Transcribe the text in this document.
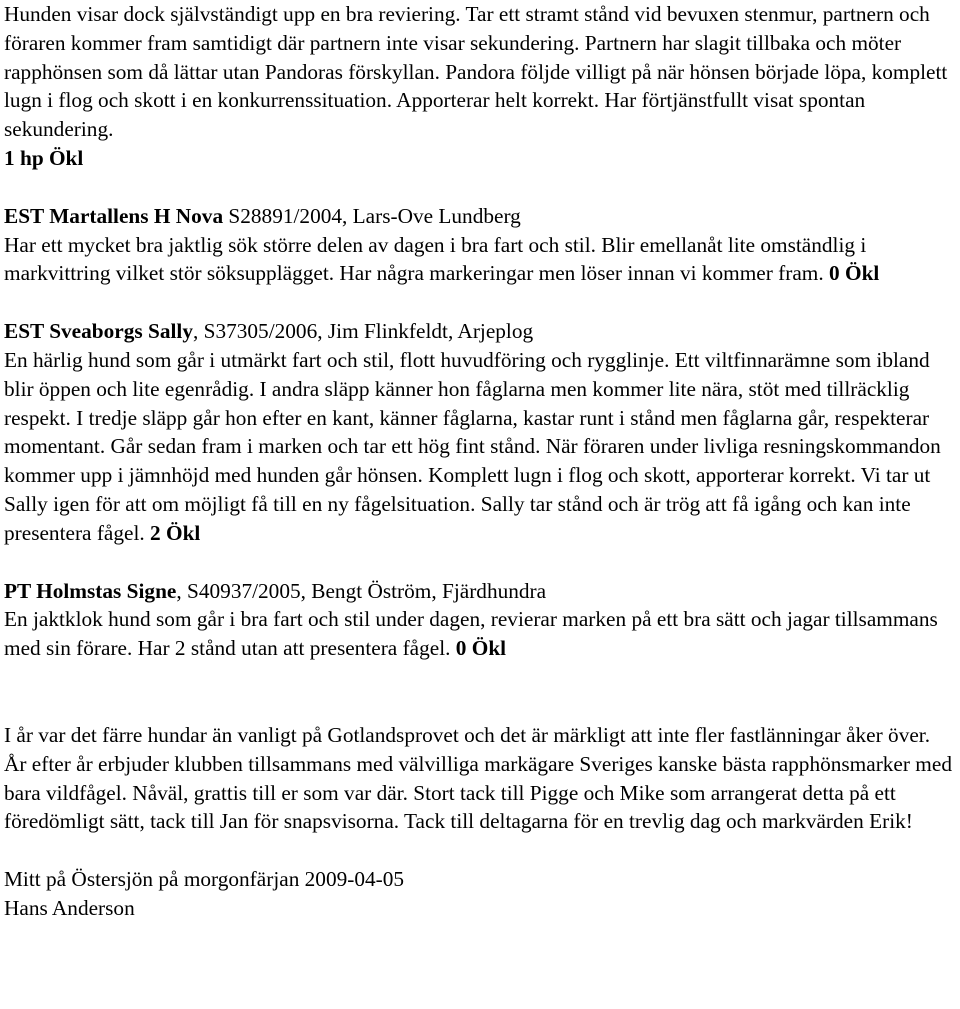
Hunden visar dock självständigt upp en bra reviering. Tar ett stramt stånd vid bevuxen stenmur, partnern och föraren kommer fram samtidigt där partnern inte visar sekundering. Partnern har slagit tillbaka och möter rapphönsen som då lättar utan Pandoras förskyllan. Pandora följde villigt på när hönsen började löpa, komplett lugn i flog och skott i en konkurrenssituation. Apporterar helt korrekt. Har förtjänstfullt visat spontan sekundering.
1 hp Ökl

EST Martallens H Nova S28891/2004, Lars-Ove Lundberg
Har ett mycket bra jaktlig sök större delen av dagen i bra fart och stil. Blir emellanåt lite omständlig i markvittring vilket stör söksupplägget. Har några markeringar men löser innan vi kommer fram. 0 Ökl

EST Sveaborgs Sally, S37305/2006, Jim Flinkfeldt, Arjeplog
En härlig hund som går i utmärkt fart och stil, flott huvudföring och rygglinje. Ett viltfinnarämne som ibland blir öppen och lite egenrådig. I andra släpp känner hon fåglarna men kommer lite nära, stöt med tillräcklig respekt. I tredje släpp går hon efter en kant, känner fåglarna, kastar runt i stånd men fåglarna går, respekterar momentant. Går sedan fram i marken och tar ett hög fint stånd. När föraren under livliga resningskommandon kommer upp i jämnhöjd med hunden går hönsen. Komplett lugn i flog och skott, apporterar korrekt. Vi tar ut Sally igen för att om möjligt få till en ny fågelsituation. Sally tar stånd och är trög att få igång och kan inte presentera fågel. 2 Ökl

PT Holmstas Signe, S40937/2005, Bengt Öström, Fjärdhundra
En jaktklok hund som går i bra fart och stil under dagen, revierar marken på ett bra sätt och jagar tillsammans med sin förare. Har 2 stånd utan att presentera fågel. 0 Ökl

I år var det färre hundar än vanligt på Gotlandsprovet och det är märkligt att inte fler fastlänningar åker över. År efter år erbjuder klubben tillsammans med välvilliga markägare Sveriges kanske bästa rapphönsmarker med bara vildfågel. Nåväl, grattis till er som var där. Stort tack till Pigge och Mike som arrangerat detta på ett föredömligt sätt, tack till Jan för snapsvisorna. Tack till deltagarna för en trevlig dag och markvärden Erik!

Mitt på Östersjön på morgonfärjan 2009-04-05

Hans Anderson
